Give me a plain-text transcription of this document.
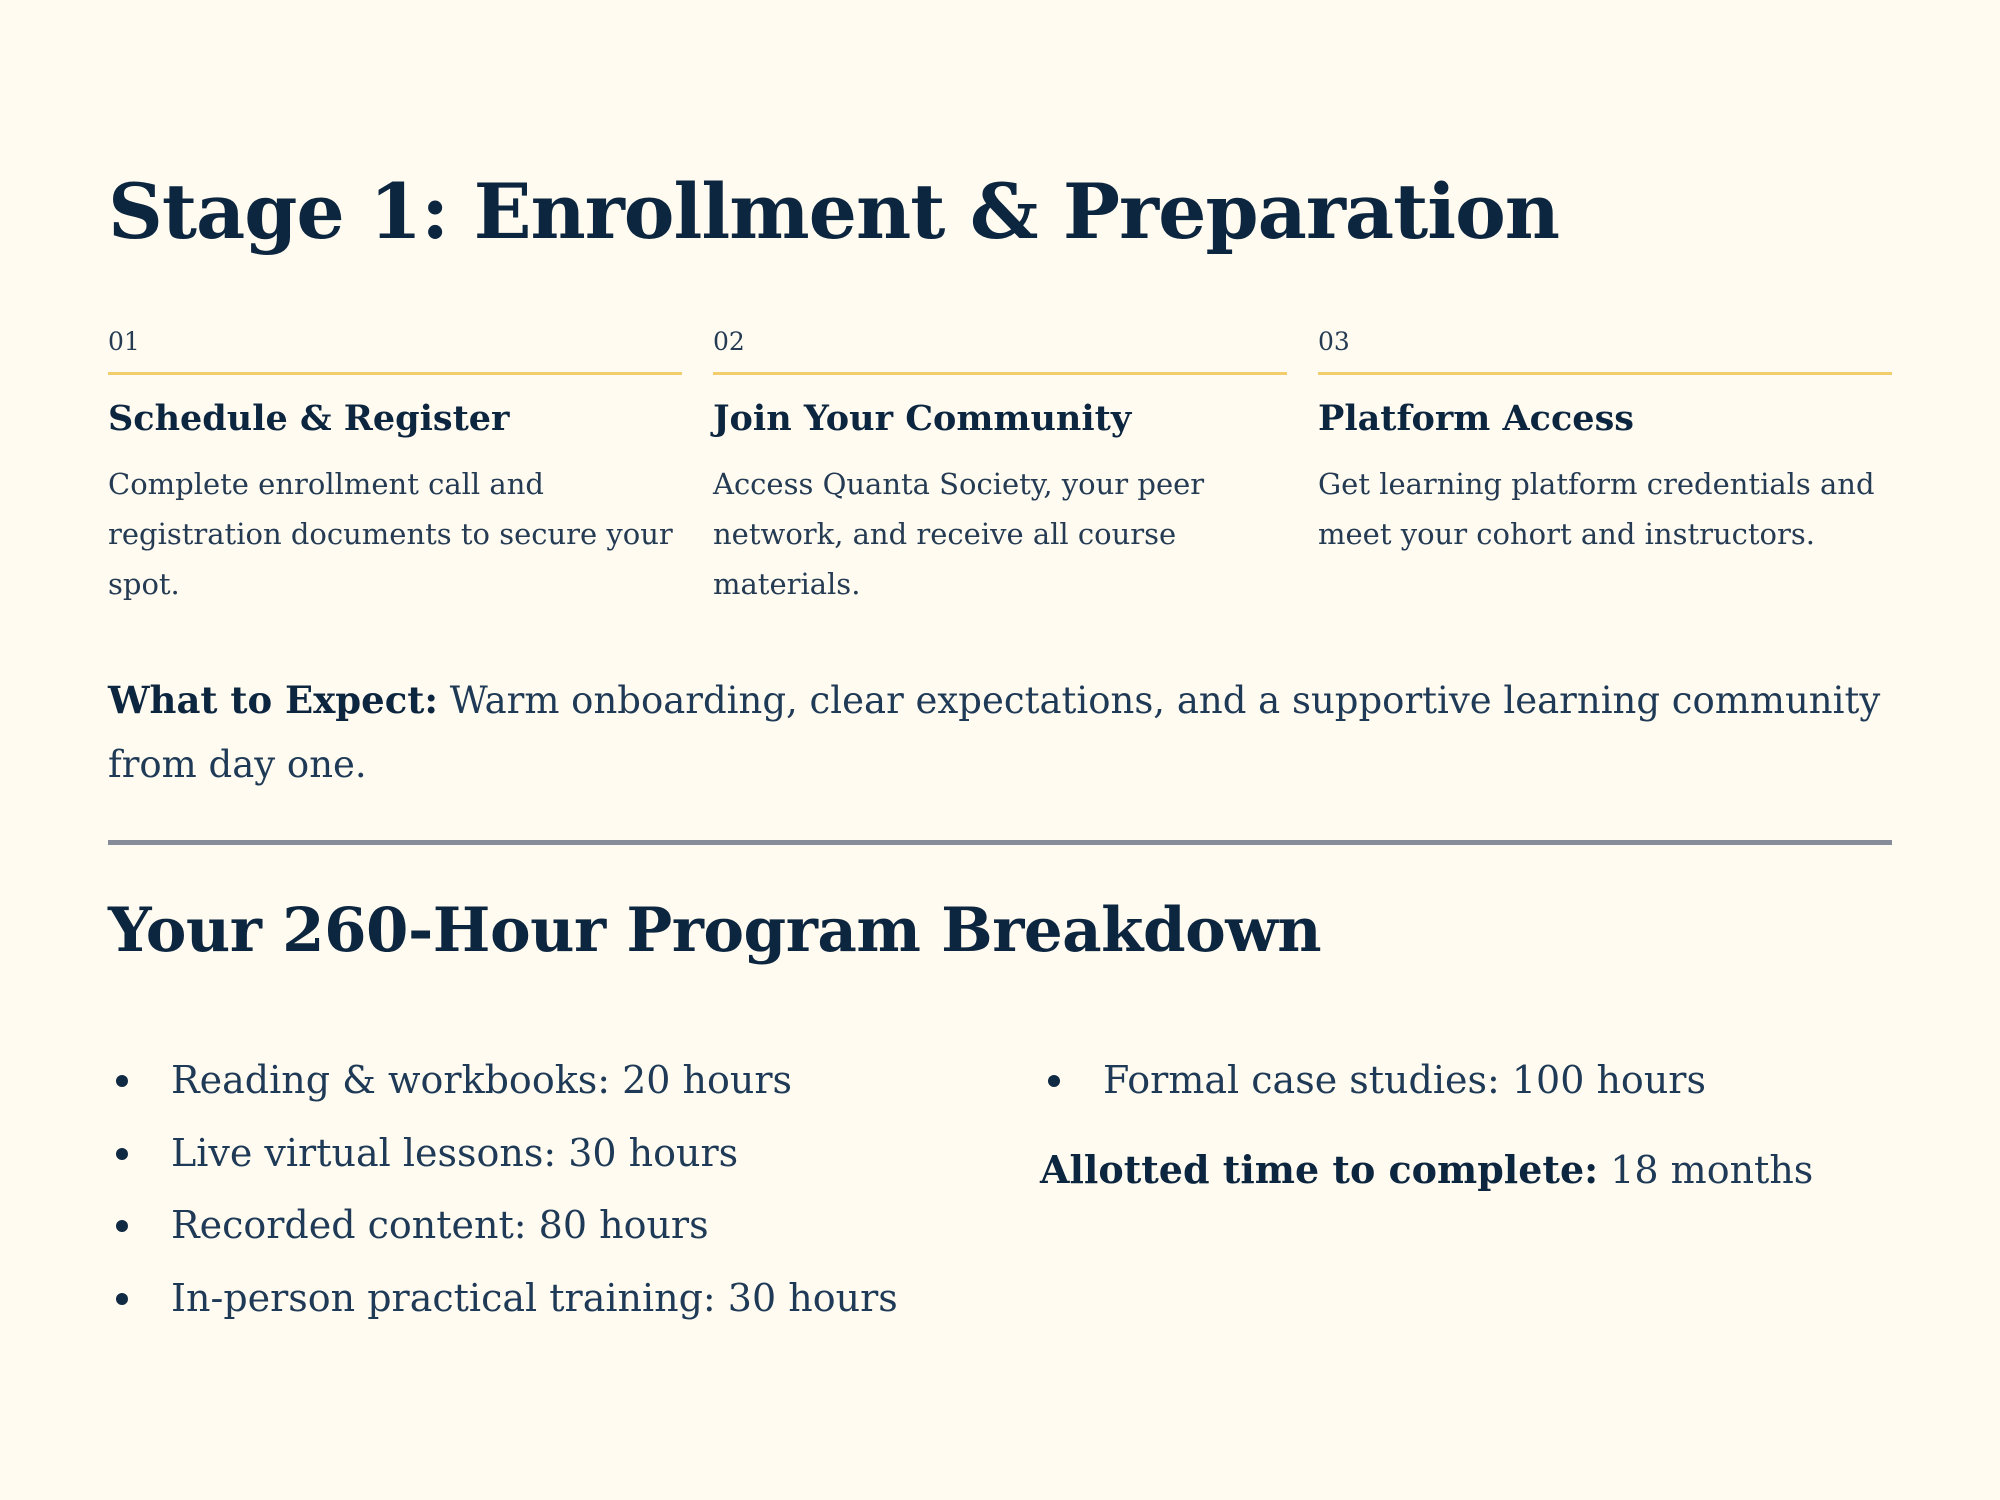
Stage 1: Enrollment & Preparation
01
Schedule & Register
Complete enrollment call and registration documents to secure your spot.
02
Join Your Community
Access Quanta Society, your peer network, and receive all course materials.
03
Platform Access
Get learning platform credentials and meet your cohort and instructors.

What to Expect: Warm onboarding, clear expectations, and a supportive learning community from day one.

Your 260-Hour Program Breakdown
Reading & workbooks: 20 hours
Live virtual lessons: 30 hours
Recorded content: 80 hours
In-person practical training: 30 hours
Formal case studies: 100 hours
Allotted time to complete: 18 months
